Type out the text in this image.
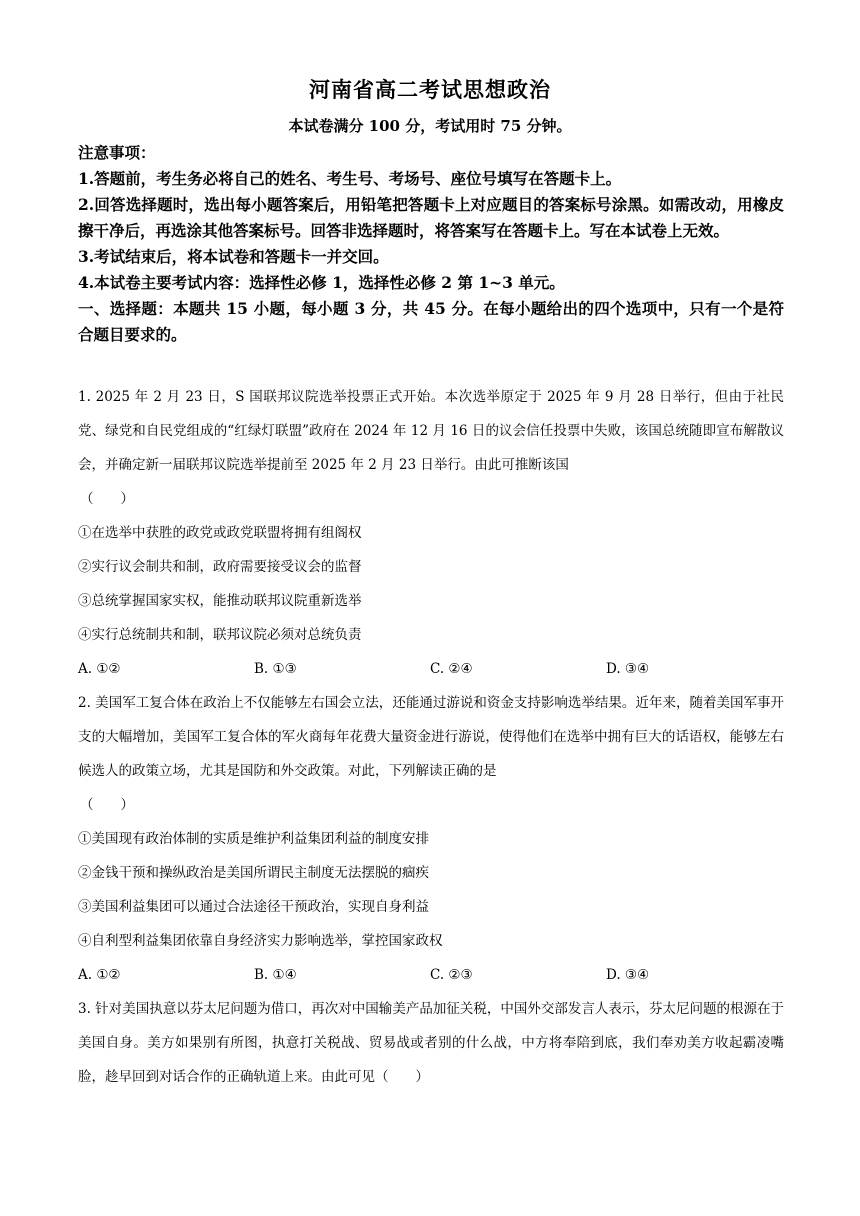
河南省高二考试思想政治
本试卷满分 100 分，考试用时 75 分钟。

注意事项：

1.答题前，考生务必将自己的姓名、考生号、考场号、座位号填写在答题卡上。

2.回答选择题时，选出每小题答案后，用铅笔把答题卡上对应题目的答案标号涂黑。如需改动，用橡皮擦干净后，再选涂其他答案标号。回答非选择题时，将答案写在答题卡上。写在本试卷上无效。

3.考试结束后，将本试卷和答题卡一并交回。

4.本试卷主要考试内容：选择性必修 1，选择性必修 2 第 1~3 单元。

一、选择题：本题共 15 小题，每小题 3 分，共 45 分。在每小题给出的四个选项中，只有一个是符合题目要求的。

1. 2025 年 2 月 23 日，S 国联邦议院选举投票正式开始。本次选举原定于 2025 年 9 月 28 日举行，但由于社民党、绿党和自民党组成的“红绿灯联盟”政府在 2024 年 12 月 16 日的议会信任投票中失败，该国总统随即宣布解散议会，并确定新一届联邦议院选举提前至 2025 年 2 月 23 日举行。由此可推断该国

（　　）

①在选举中获胜的政党或政党联盟将拥有组阁权

②实行议会制共和制，政府需要接受议会的监督

③总统掌握国家实权，能推动联邦议院重新选举

④实行总统制共和制，联邦议院必须对总统负责

A. ①②	B. ①③	C. ②④	D. ③④

2. 美国军工复合体在政治上不仅能够左右国会立法，还能通过游说和资金支持影响选举结果。近年来，随着美国军事开支的大幅增加，美国军工复合体的军火商每年花费大量资金进行游说，使得他们在选举中拥有巨大的话语权，能够左右候选人的政策立场，尤其是国防和外交政策。对此，下列解读正确的是

（　　）

①美国现有政治体制的实质是维护利益集团利益的制度安排

②金钱干预和操纵政治是美国所谓民主制度无法摆脱的痼疾

③美国利益集团可以通过合法途径干预政治，实现自身利益

④自利型利益集团依靠自身经济实力影响选举，掌控国家政权

A. ①②	B. ①④	C. ②③	D. ③④

3. 针对美国执意以芬太尼问题为借口，再次对中国输美产品加征关税，中国外交部发言人表示，芬太尼问题的根源在于美国自身。美方如果别有所图，执意打关税战、贸易战或者别的什么战，中方将奉陪到底，我们奉劝美方收起霸凌嘴脸，趁早回到对话合作的正确轨道上来。由此可见（　　）
